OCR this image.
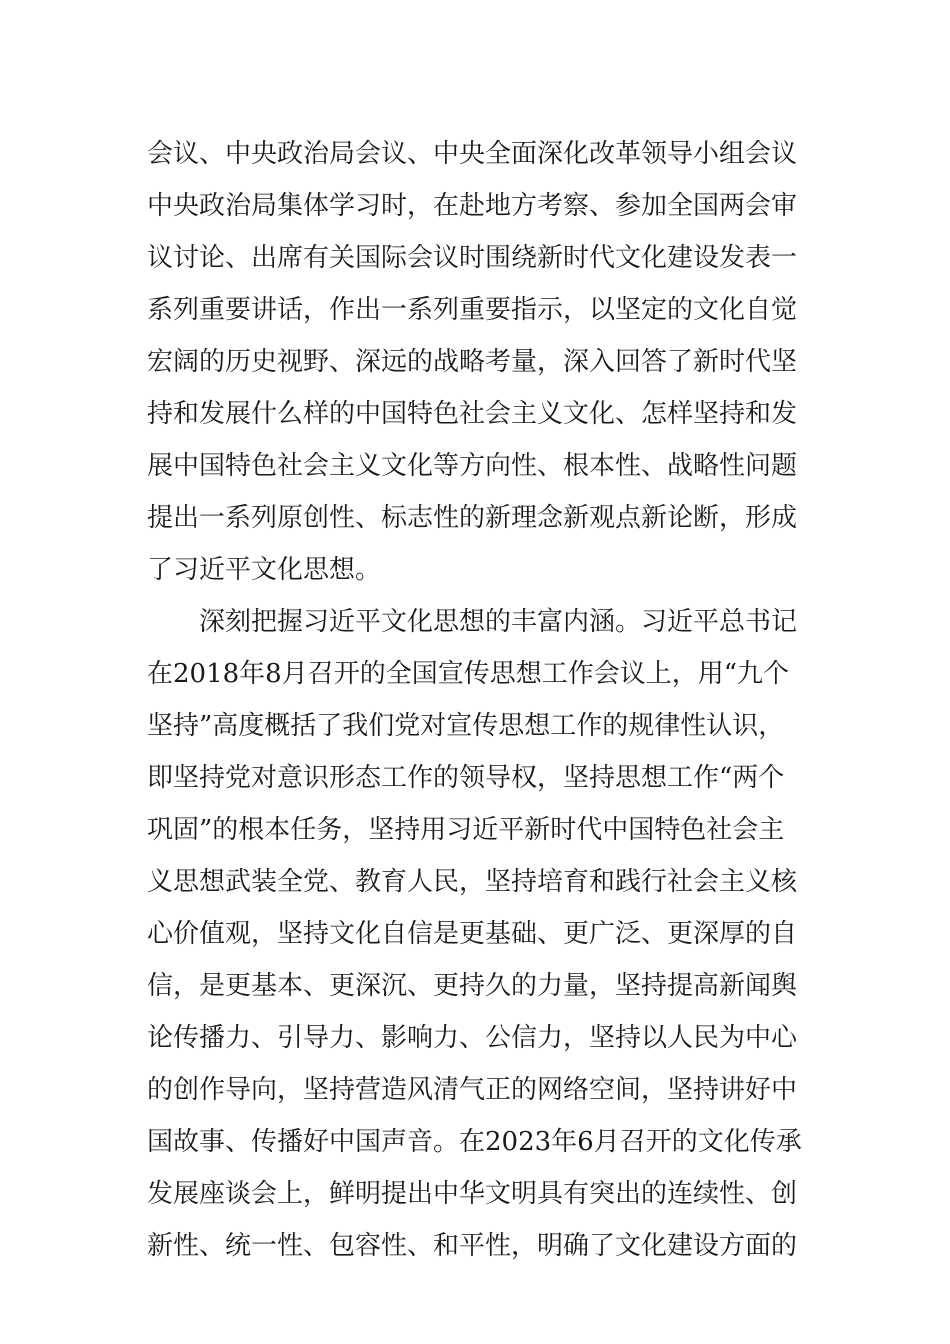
会议、中央政治局会议、中央全面深化改革领导小组会议
中央政治局集体学习时，在赴地方考察、参加全国两会审
议讨论、出席有关国际会议时围绕新时代文化建设发表一
系列重要讲话，作出一系列重要指示，以坚定的文化自觉
宏阔的历史视野、深远的战略考量，深入回答了新时代坚
持和发展什么样的中国特色社会主义文化、怎样坚持和发
展中国特色社会主义文化等方向性、根本性、战略性问题
提出一系列原创性、标志性的新理念新观点新论断，形成
了习近平文化思想。
深刻把握习近平文化思想的丰富内涵。习近平总书记
在2018年8月召开的全国宣传思想工作会议上，用“九个
坚持”高度概括了我们党对宣传思想工作的规律性认识，
即坚持党对意识形态工作的领导权，坚持思想工作“两个
巩固”的根本任务，坚持用习近平新时代中国特色社会主
义思想武装全党、教育人民，坚持培育和践行社会主义核
心价值观，坚持文化自信是更基础、更广泛、更深厚的自
信，是更基本、更深沉、更持久的力量，坚持提高新闻舆
论传播力、引导力、影响力、公信力，坚持以人民为中心
的创作导向，坚持营造风清气正的网络空间，坚持讲好中
国故事、传播好中国声音。在2023年6月召开的文化传承
发展座谈会上，鲜明提出中华文明具有突出的连续性、创
新性、统一性、包容性、和平性，明确了文化建设方面的
